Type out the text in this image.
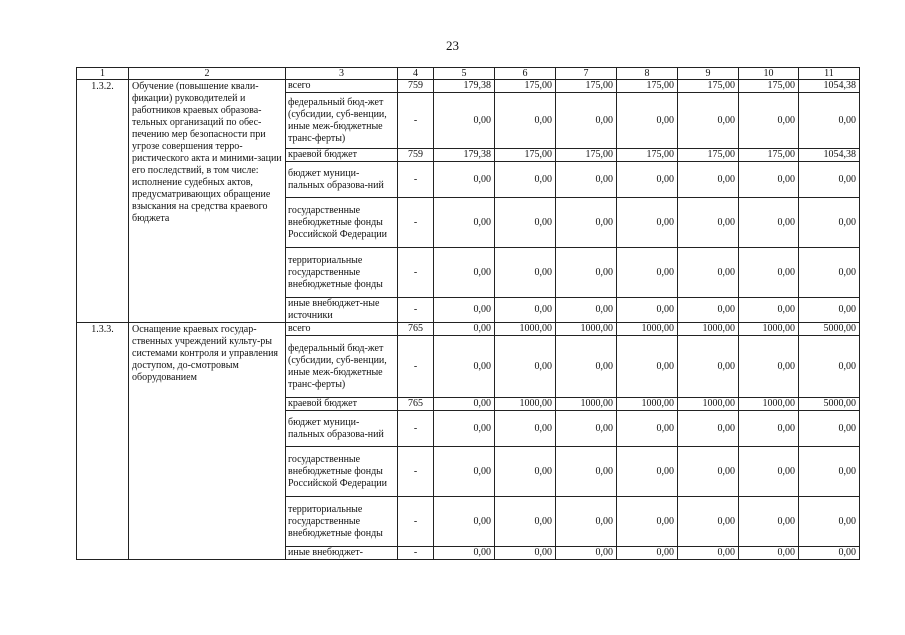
23
1	2	3	4	5	6	7	8	9	10	11
1.3.2.	Обучение (повышение квали-фикации) руководителей и работников краевых образова-тельных организаций по обес-печению мер безопасности при угрозе совершения терро-ристического акта и миними-зации его последствий, в том числе: исполнение судебных актов, предусматривающих обращение взыскания на средства краевого бюджета	всего	759	179,38	175,00	175,00	175,00	175,00	175,00	1054,38
		федеральный бюд-жет (субсидии, суб-венции, иные меж-бюджетные транс-ферты)	-	0,00	0,00	0,00	0,00	0,00	0,00	0,00
		краевой бюджет	759	179,38	175,00	175,00	175,00	175,00	175,00	1054,38
		бюджет муници-пальных образова-ний	-	0,00	0,00	0,00	0,00	0,00	0,00	0,00
		государственные внебюджетные фонды Российской Федерации	-	0,00	0,00	0,00	0,00	0,00	0,00	0,00
		территориальные государственные внебюджетные фонды	-	0,00	0,00	0,00	0,00	0,00	0,00	0,00
		иные внебюджет-ные источники	-	0,00	0,00	0,00	0,00	0,00	0,00	0,00
1.3.3.	Оснащение краевых государ-ственных учреждений культу-ры системами контроля и управления доступом, до-смотровым оборудованием	всего	765	0,00	1000,00	1000,00	1000,00	1000,00	1000,00	5000,00
		федеральный бюд-жет (субсидии, суб-венции, иные меж-бюджетные транс-ферты)	-	0,00	0,00	0,00	0,00	0,00	0,00	0,00
		краевой бюджет	765	0,00	1000,00	1000,00	1000,00	1000,00	1000,00	5000,00
		бюджет муници-пальных образова-ний	-	0,00	0,00	0,00	0,00	0,00	0,00	0,00
		государственные внебюджетные фонды Российской Федерации	-	0,00	0,00	0,00	0,00	0,00	0,00	0,00
		территориальные государственные внебюджетные фонды	-	0,00	0,00	0,00	0,00	0,00	0,00	0,00
		иные внебюджет-	-	0,00	0,00	0,00	0,00	0,00	0,00	0,00
